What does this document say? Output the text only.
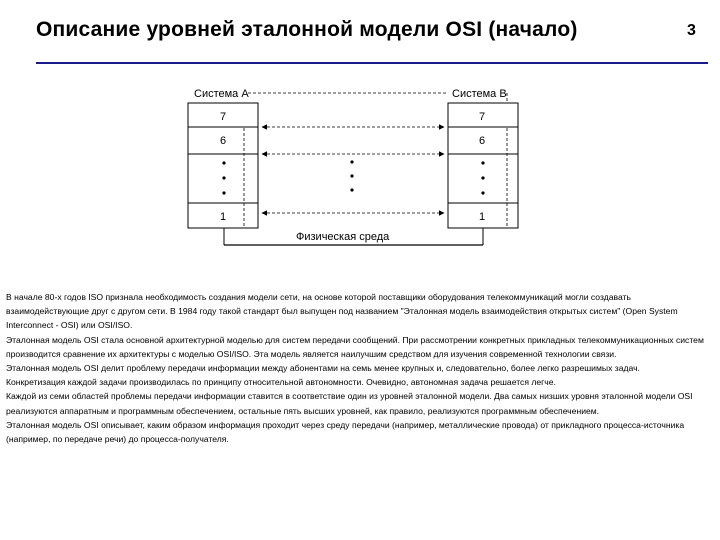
Описание уровней эталонной модели OSI (начало)	3
Система А	Система В
7
6
1
7
6
1
Физическая среда

В начале 80-х годов ISO признала необходимость создания модели сети, на основе которой поставщики оборудования телекоммуникаций могли создавать взаимодействующие друг с другом сети. В 1984 году такой стандарт был выпущен под названием "Эталонная модель взаимодействия открытых систем" (Open System Interconnect - OSI) или OSI/ISO.

Эталонная модель OSI стала основной архитектурной моделью для систем передачи сообщений. При рассмотрении конкретных прикладных телекоммуникационных систем производится сравнение их архитектуры с моделью OSI/ISO. Эта модель является наилучшим средством для изучения современной технологии связи.

Эталонная модель OSI делит проблему передачи информации между абонентами на семь менее крупных и, следовательно, более легко разрешимых задач.

Конкретизация каждой задачи производилась по принципу относительной автономности. Очевидно, автономная задача решается легче.

Каждой из семи областей проблемы передачи информации ставится в соответствие один из уровней эталонной модели. Два самых низших уровня эталонной модели OSI реализуются аппаратным и программным обеспечением, остальные пять высших уровней, как правило, реализуются программным обеспечением.

Эталонная модель OSI описывает, каким образом информация проходит через среду передачи (например, металлические провода) от прикладного процесса-источника (например, по передаче речи) до процесса-получателя.
